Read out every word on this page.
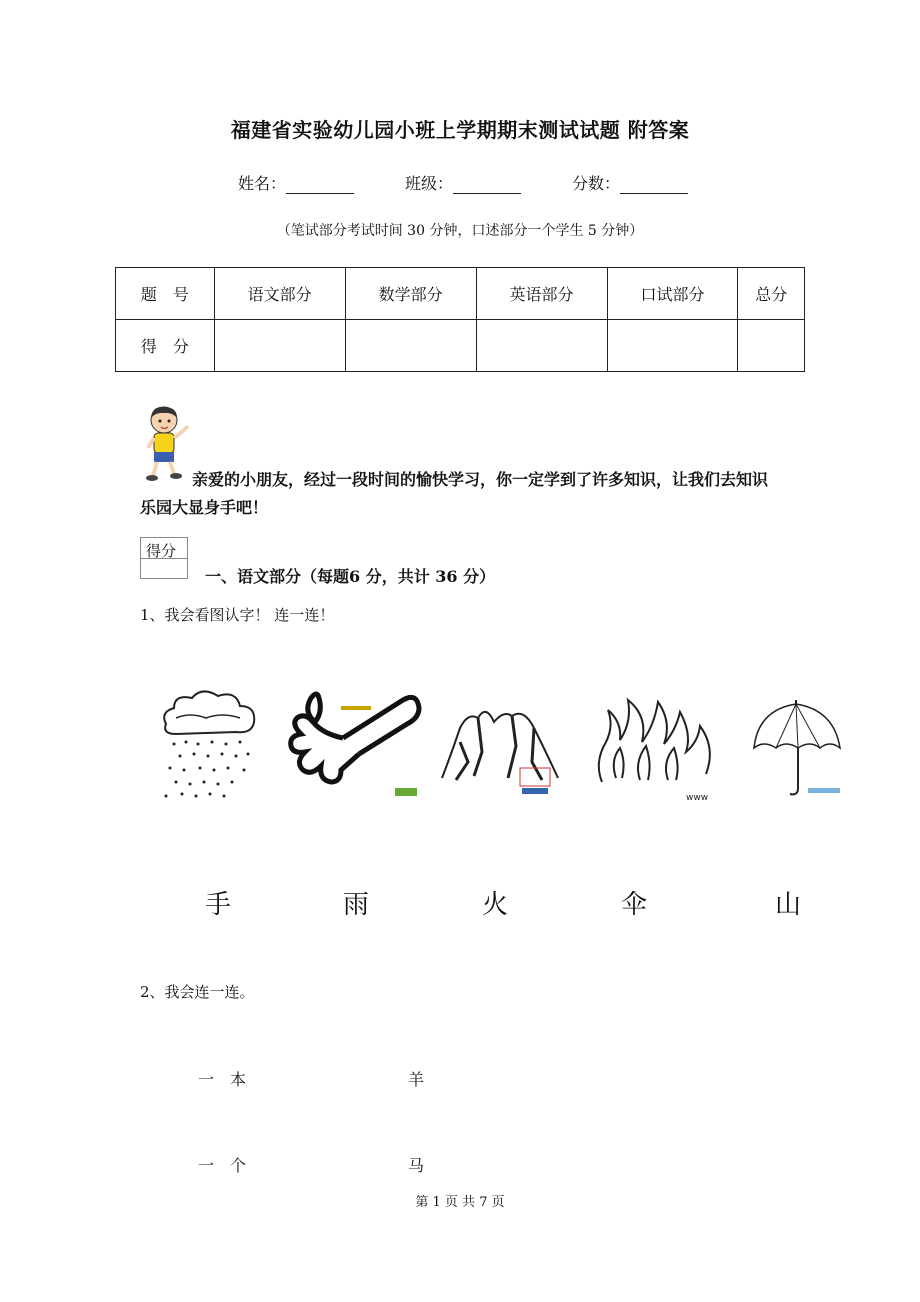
福建省实验幼儿园小班上学期期末测试试题 附答案
姓名：	班级：	分数：
（笔试部分考试时间 30 分钟，口述部分一个学生 5 分钟）
题　号	语文部分	数学部分	英语部分	口试部分	总分
得　分					
亲爱的小朋友，经过一段时间的愉快学习，你一定学到了许多知识，让我们去知识乐园大显身手吧！
得分
一、语文部分（每题6 分，共计 36 分）
1、我会看图认字！ 连一连！
www
手	雨	火	伞	山
2、我会连一连。
一　本	羊
一　个	马
第 1 页 共 7 页
